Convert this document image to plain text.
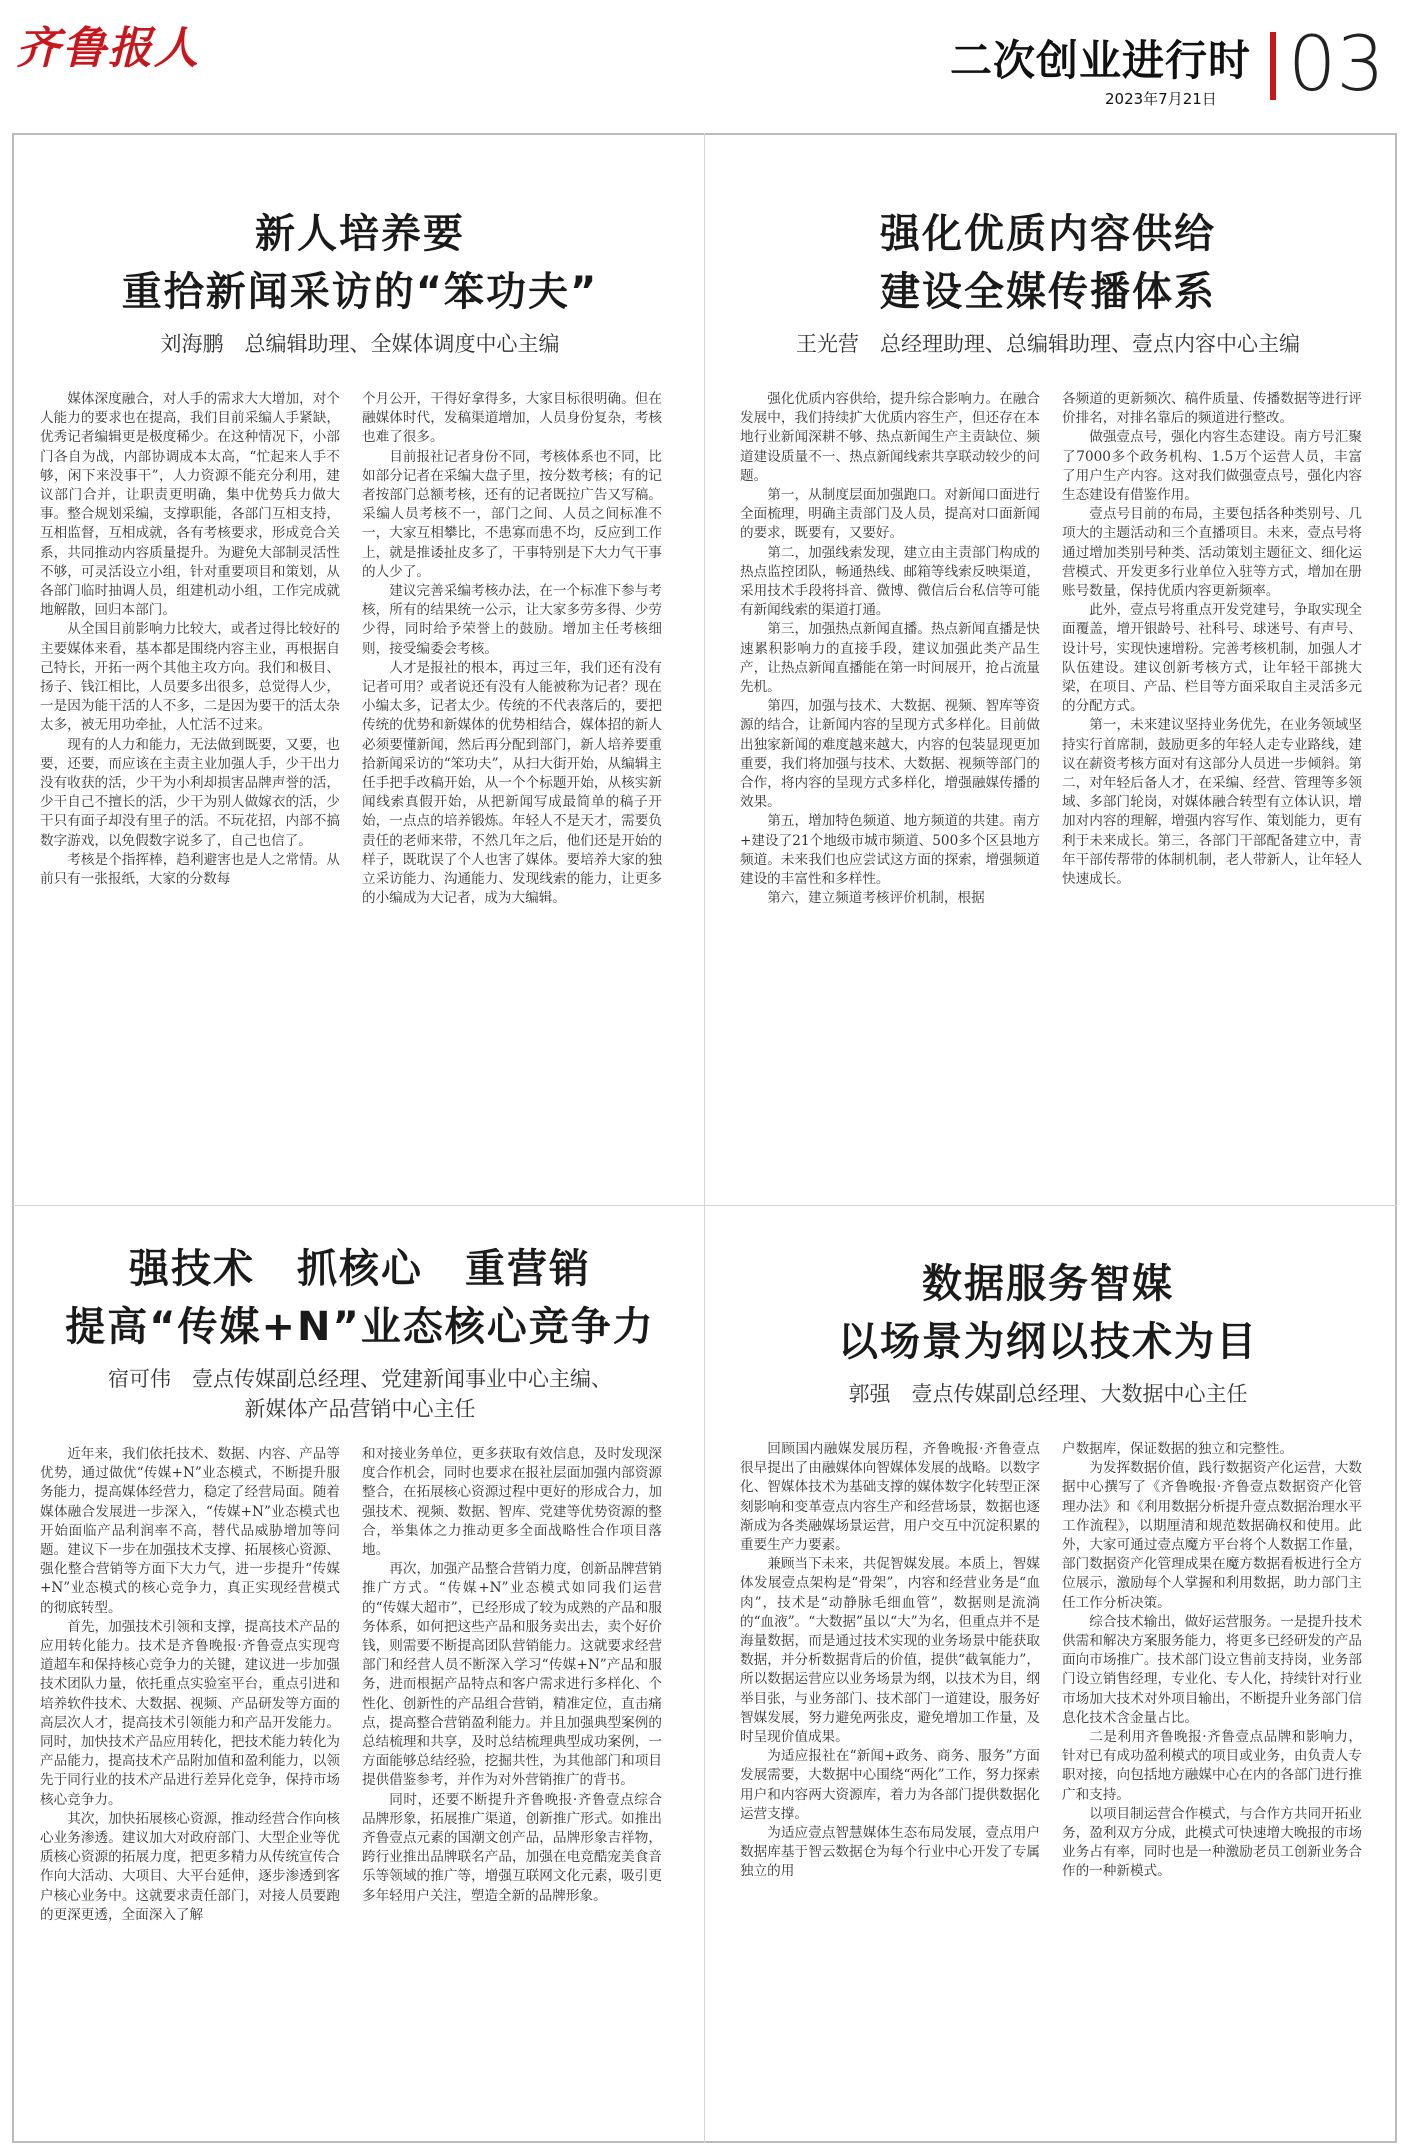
齐鲁报人	二次创业进行时
2023年7月21日 03
新人培养要
重拾新闻采访的“笨功夫”
刘海鹏　总编辑助理、全媒体调度中心主编

媒体深度融合，对人手的需求大大增加，对个人能力的要求也在提高，我们目前采编人手紧缺，优秀记者编辑更是极度稀少。在这种情况下，小部门各自为战，内部协调成本太高，“忙起来人手不够，闲下来没事干”，人力资源不能充分利用，建议部门合并，让职责更明确，集中优势兵力做大事。整合规划采编，支撑职能，各部门互相支持，互相监督，互相成就，各有考核要求，形成竞合关系，共同推动内容质量提升。为避免大部制灵活性不够，可灵活设立小组，针对重要项目和策划，从各部门临时抽调人员，组建机动小组，工作完成就地解散，回归本部门。

从全国目前影响力比较大，或者过得比较好的主要媒体来看，基本都是围绕内容主业，再根据自己特长，开拓一两个其他主攻方向。我们和极目、扬子、钱江相比，人员要多出很多，总觉得人少，一是因为能干活的人不多，二是因为要干的活太杂太多，被无用功牵扯，人忙活不过来。

现有的人力和能力，无法做到既要，又要，也要，还要，而应该在主责主业加强人手，少干出力没有收获的活，少干为小利却损害品牌声誉的活，少干自己不擅长的活，少干为别人做嫁衣的活，少干只有面子却没有里子的活。不玩花招，内部不搞数字游戏，以免假数字说多了，自己也信了。

考核是个指挥棒，趋利避害也是人之常情。从前只有一张报纸，大家的分数每

个月公开，干得好拿得多，大家目标很明确。但在融媒体时代，发稿渠道增加，人员身份复杂，考核也难了很多。

目前报社记者身份不同，考核体系也不同，比如部分记者在采编大盘子里，按分数考核；有的记者按部门总额考核，还有的记者既拉广告又写稿。采编人员考核不一，部门之间、人员之间标准不一，大家互相攀比，不患寡而患不均，反应到工作上，就是推诿扯皮多了，干事特别是下大力气干事的人少了。

建议完善采编考核办法，在一个标准下参与考核，所有的结果统一公示，让大家多劳多得、少劳少得，同时给予荣誉上的鼓励。增加主任考核细则，接受编委会考核。

人才是报社的根本，再过三年，我们还有没有记者可用？或者说还有没有人能被称为记者？现在小编太多，记者太少。传统的不代表落后的，要把传统的优势和新媒体的优势相结合，媒体招的新人必须要懂新闻，然后再分配到部门，新人培养要重拾新闻采访的“笨功夫”，从扫大街开始，从编辑主任手把手改稿开始，从一个个标题开始，从核实新闻线索真假开始，从把新闻写成最简单的稿子开始，一点点的培养锻炼。年轻人不是天才，需要负责任的老师来带，不然几年之后，他们还是开始的样子，既耽误了个人也害了媒体。要培养大家的独立采访能力、沟通能力、发现线索的能力，让更多的小编成为大记者，成为大编辑。

强化优质内容供给
建设全媒传播体系
王光营　总经理助理、总编辑助理、壹点内容中心主编

强化优质内容供给，提升综合影响力。在融合发展中，我们持续扩大优质内容生产，但还存在本地行业新闻深耕不够、热点新闻生产主责缺位、频道建设质量不一、热点新闻线索共享联动较少的问题。

第一，从制度层面加强跑口。对新闻口面进行全面梳理，明确主责部门及人员，提高对口面新闻的要求，既要有，又要好。

第二，加强线索发现，建立由主责部门构成的热点监控团队，畅通热线、邮箱等线索反映渠道，采用技术手段将抖音、微博、微信后台私信等可能有新闻线索的渠道打通。

第三，加强热点新闻直播。热点新闻直播是快速累积影响力的直接手段，建议加强此类产品生产，让热点新闻直播能在第一时间展开，抢占流量先机。

第四，加强与技术、大数据、视频、智库等资源的结合，让新闻内容的呈现方式多样化。目前做出独家新闻的难度越来越大，内容的包装显现更加重要，我们将加强与技术、大数据、视频等部门的合作，将内容的呈现方式多样化，增强融媒传播的效果。

第五，增加特色频道、地方频道的共建。南方+建设了21个地级市城市频道、500多个区县地方频道。未来我们也应尝试这方面的探索，增强频道建设的丰富性和多样性。

第六，建立频道考核评价机制，根据

各频道的更新频次、稿件质量、传播数据等进行评价排名，对排名靠后的频道进行整改。

做强壹点号，强化内容生态建设。南方号汇聚了7000多个政务机构、1.5万个运营人员，丰富了用户生产内容。这对我们做强壹点号，强化内容生态建设有借鉴作用。

壹点号目前的布局，主要包括各种类别号、几项大的主题活动和三个直播项目。未来，壹点号将通过增加类别号种类、活动策划主题征文、细化运营模式、开发更多行业单位入驻等方式，增加在册账号数量，保持优质内容更新频率。

此外，壹点号将重点开发党建号，争取实现全面覆盖，增开银龄号、社科号、球迷号、有声号、设计号，实现快速增粉。完善考核机制，加强人才队伍建设。建议创新考核方式，让年轻干部挑大梁，在项目、产品、栏目等方面采取自主灵活多元的分配方式。

第一，未来建议坚持业务优先，在业务领域坚持实行首席制，鼓励更多的年轻人走专业路线，建议在薪资考核方面对有这部分人员进一步倾斜。第二，对年轻后备人才，在采编、经营、管理等多领域、多部门轮岗，对媒体融合转型有立体认识，增加对内容的理解，增强内容写作、策划能力，更有利于未来成长。第三，各部门干部配备建立中，青年干部传帮带的体制机制，老人带新人，让年轻人快速成长。

强技术　抓核心　重营销
提高“传媒+N”业态核心竞争力
宿可伟　壹点传媒副总经理、党建新闻事业中心主编、
新媒体产品营销中心主任

近年来，我们依托技术、数据、内容、产品等优势，通过做优“传媒+N”业态模式，不断提升服务能力，提高媒体经营力，稳定了经营局面。随着媒体融合发展进一步深入，“传媒+N”业态模式也开始面临产品利润率不高，替代品威胁增加等问题。建议下一步在加强技术支撑、拓展核心资源、强化整合营销等方面下大力气，进一步提升“传媒+N”业态模式的核心竞争力，真正实现经营模式的彻底转型。

首先，加强技术引领和支撑，提高技术产品的应用转化能力。技术是齐鲁晚报·齐鲁壹点实现弯道超车和保持核心竞争力的关键，建议进一步加强技术团队力量，依托重点实验室平台，重点引进和培养软件技术、大数据、视频、产品研发等方面的高层次人才，提高技术引领能力和产品开发能力。同时，加快技术产品应用转化，把技术能力转化为产品能力，提高技术产品附加值和盈利能力，以领先于同行业的技术产品进行差异化竞争，保持市场核心竞争力。

其次，加快拓展核心资源，推动经营合作向核心业务渗透。建议加大对政府部门、大型企业等优质核心资源的拓展力度，把更多精力从传统宣传合作向大活动、大项目、大平台延伸，逐步渗透到客户核心业务中。这就要求责任部门，对接人员要跑的更深更透，全面深入了解

和对接业务单位，更多获取有效信息，及时发现深度合作机会，同时也要求在报社层面加强内部资源整合，在拓展核心资源过程中更好的形成合力，加强技术、视频、数据、智库、党建等优势资源的整合，举集体之力推动更多全面战略性合作项目落地。

再次，加强产品整合营销力度，创新品牌营销推广方式。“传媒+N”业态模式如同我们运营的“传媒大超市”，已经形成了较为成熟的产品和服务体系，如何把这些产品和服务卖出去，卖个好价钱，则需要不断提高团队营销能力。这就要求经营部门和经营人员不断深入学习“传媒+N”产品和服务，进而根据产品特点和客户需求进行多样化、个性化、创新性的产品组合营销，精准定位，直击痛点，提高整合营销盈利能力。并且加强典型案例的总结梳理和共享，及时总结梳理典型成功案例，一方面能够总结经验，挖掘共性，为其他部门和项目提供借鉴参考，并作为对外营销推广的背书。

同时，还要不断提升齐鲁晚报·齐鲁壹点综合品牌形象，拓展推广渠道，创新推广形式。如推出齐鲁壹点元素的国潮文创产品，品牌形象吉祥物，跨行业推出品牌联名产品，加强在电竞酷宠美食音乐等领域的推广等，增强互联网文化元素，吸引更多年轻用户关注，塑造全新的品牌形象。

数据服务智媒
以场景为纲以技术为目
郭强　壹点传媒副总经理、大数据中心主任

回顾国内融媒发展历程，齐鲁晚报·齐鲁壹点很早提出了由融媒体向智媒体发展的战略。以数字化、智媒体技术为基础支撑的媒体数字化转型正深刻影响和变革壹点内容生产和经营场景，数据也逐渐成为各类融媒场景运营，用户交互中沉淀积累的重要生产力要素。

兼顾当下未来，共促智媒发展。本质上，智媒体发展壹点架构是“骨架”，内容和经营业务是“血肉”，技术是“动静脉毛细血管”，数据则是流淌的“血液”。“大数据”虽以“大”为名，但重点并不是海量数据，而是通过技术实现的业务场景中能获取数据，并分析数据背后的价值，提供“截氧能力”，所以数据运营应以业务场景为纲，以技术为目，纲举目张，与业务部门、技术部门一道建设，服务好智媒发展，努力避免两张皮，避免增加工作量，及时呈现价值成果。

为适应报社在“新闻+政务、商务、服务”方面发展需要，大数据中心围绕“两化”工作，努力探索用户和内容两大资源库，着力为各部门提供数据化运营支撑。

为适应壹点智慧媒体生态布局发展，壹点用户数据库基于智云数据仓为每个行业中心开发了专属独立的用

户数据库，保证数据的独立和完整性。

为发挥数据价值，践行数据资产化运营，大数据中心撰写了《齐鲁晚报·齐鲁壹点数据资产化管理办法》和《利用数据分析提升壹点数据治理水平工作流程》，以期厘清和规范数据确权和使用。此外，大家可通过壹点魔方平台将个人数据工作量，部门数据资产化管理成果在魔方数据看板进行全方位展示，激励每个人掌握和利用数据，助力部门主任工作分析决策。

综合技术输出，做好运营服务。一是提升技术供需和解决方案服务能力，将更多已经研发的产品面向市场推广。技术部门设立售前支持岗，业务部门设立销售经理，专业化、专人化，持续针对行业市场加大技术对外项目输出，不断提升业务部门信息化技术含金量占比。

二是利用齐鲁晚报·齐鲁壹点品牌和影响力，针对已有成功盈利模式的项目或业务，由负责人专职对接，向包括地方融媒中心在内的各部门进行推广和支持。

以项目制运营合作模式，与合作方共同开拓业务，盈利双方分成，此模式可快速增大晚报的市场业务占有率，同时也是一种激励老员工创新业务合作的一种新模式。
